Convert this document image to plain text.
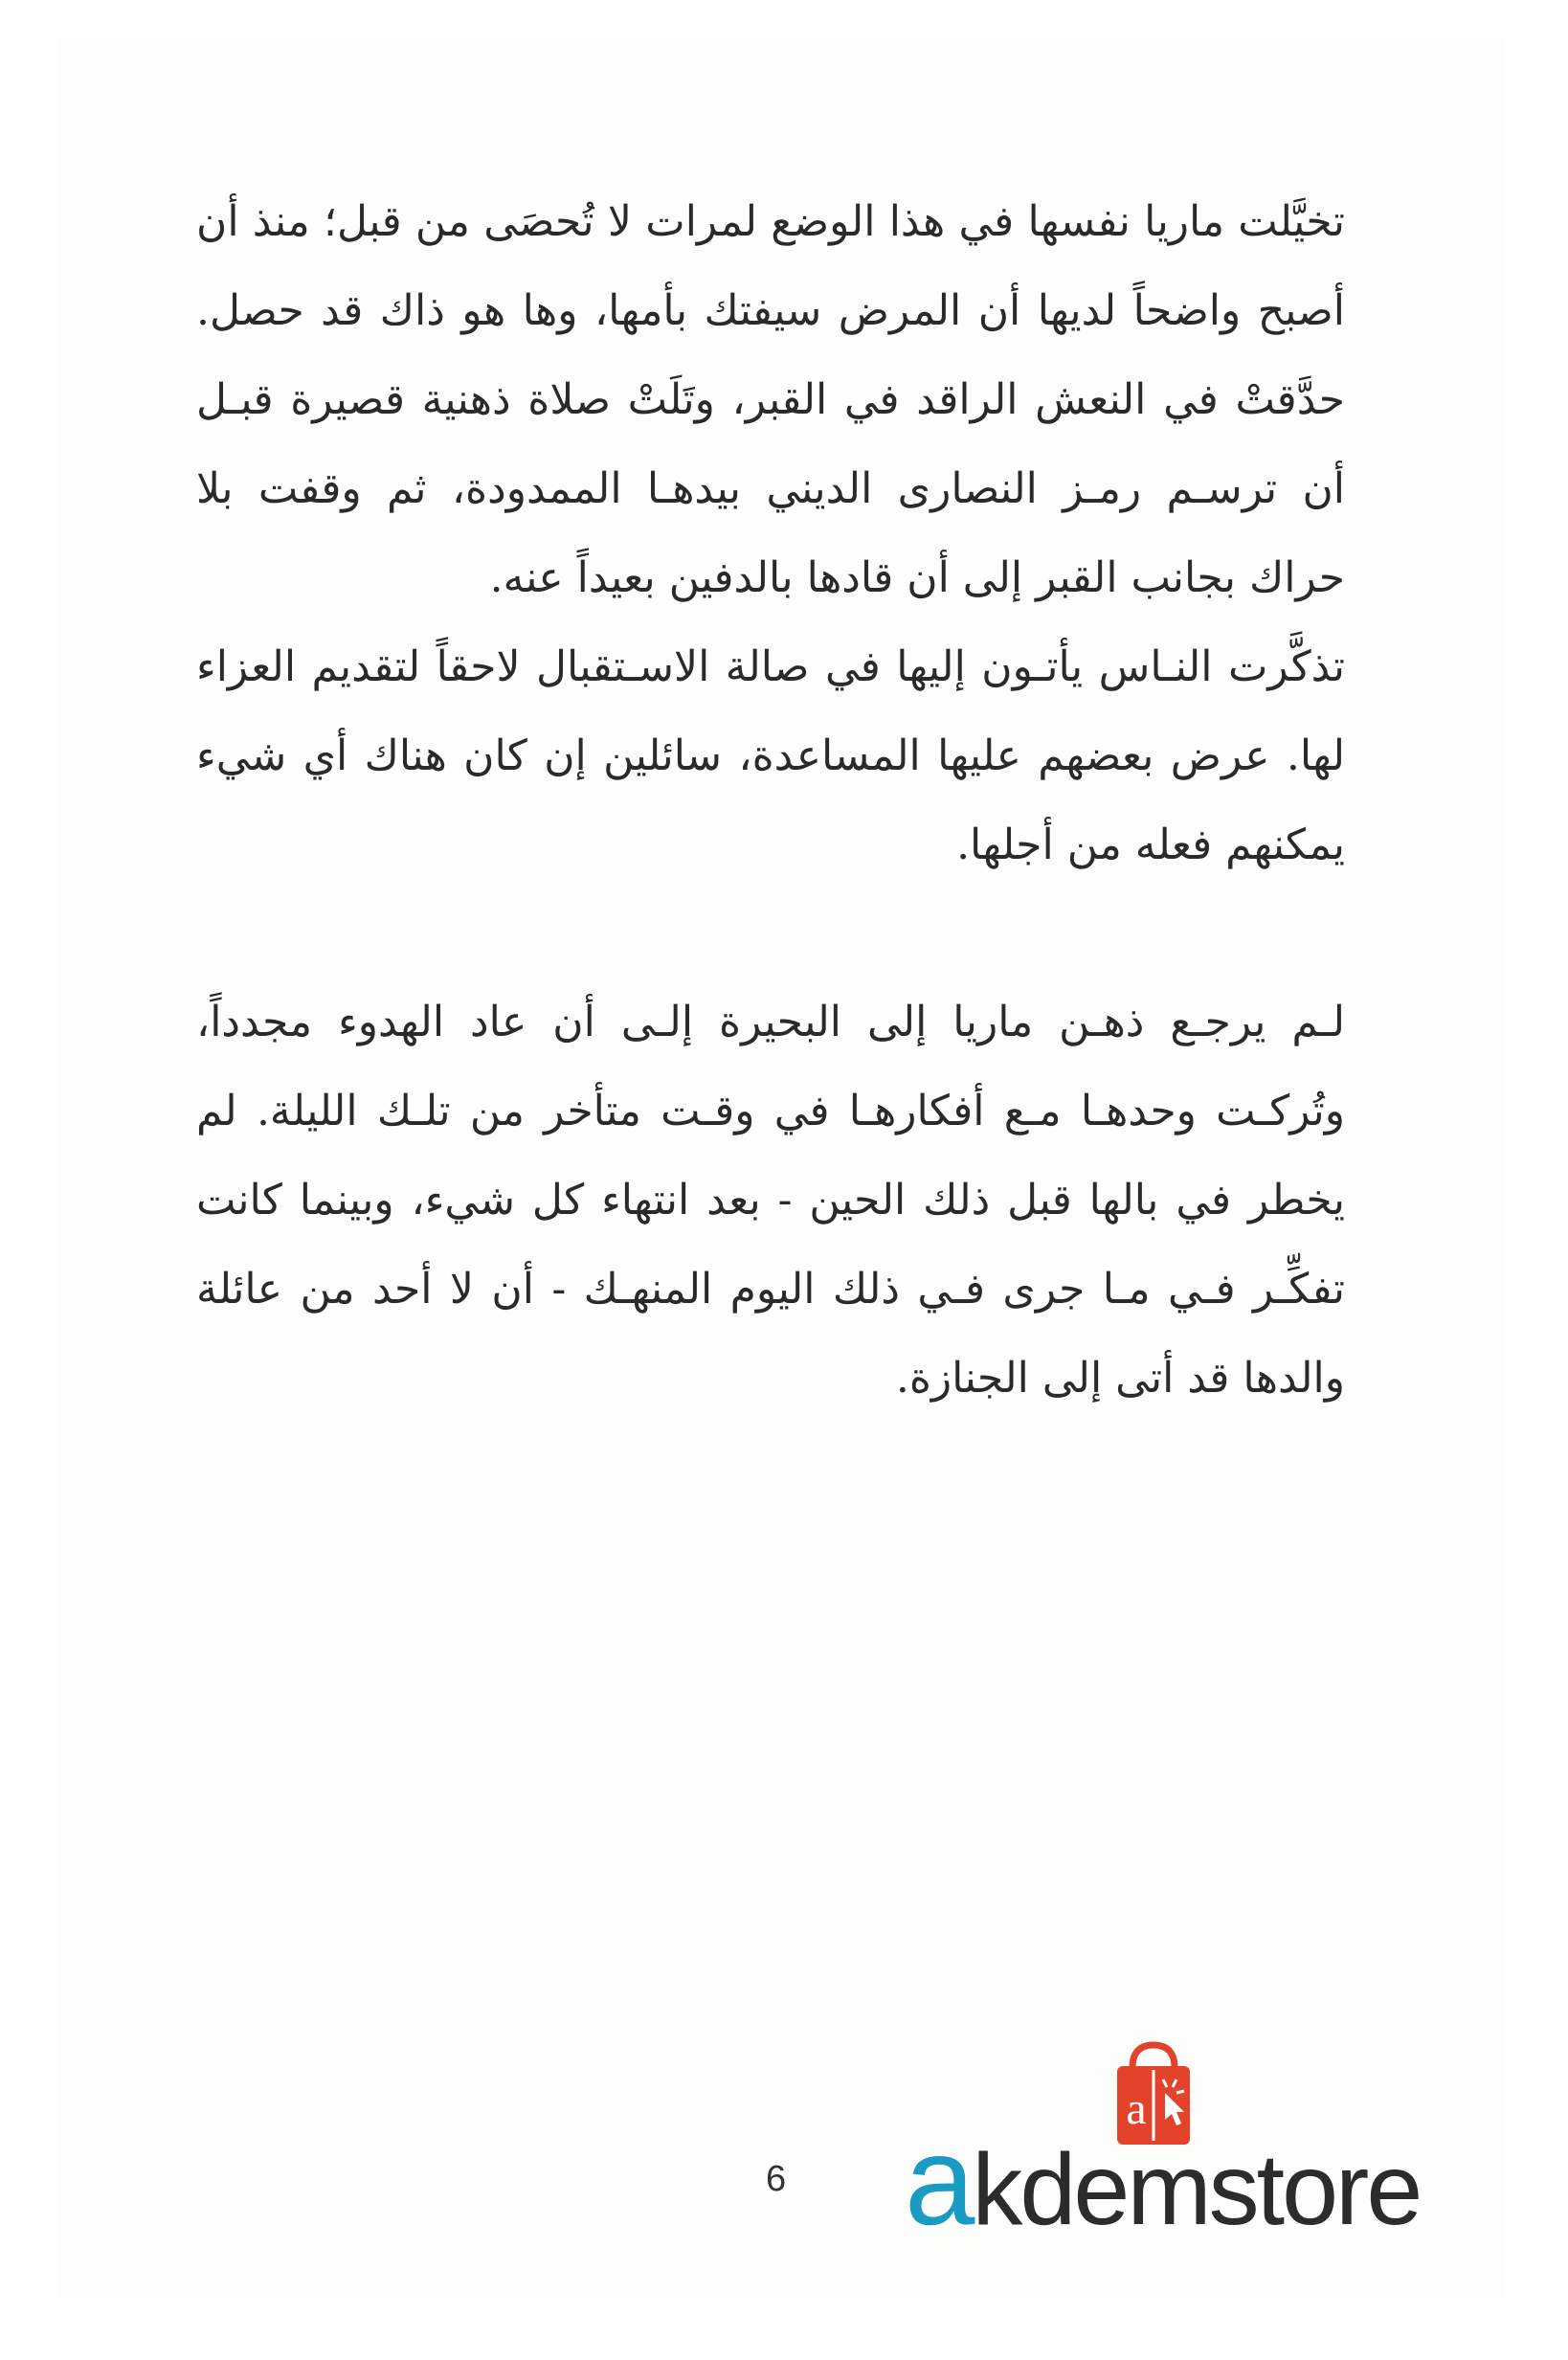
تخيَّلت ماريا نفسها في هذا الوضع لمرات لا تُحصَى من قبل؛ منذ أن أصبح واضحاً لديها أن المرض سيفتك بأمها، وها هو ذاك قد حصل. حدَّقتْ في النعش الراقد في القبر، وتَلَتْ صلاة ذهنية قصيرة قبـل أن ترسـم رمـز النصارى الديني بيدهـا الممدودة، ثم وقفت بلا حراك بجانب القبر إلى أن قادها بالدفين بعيداً عنه.

تذكَّرت النـاس يأتـون إليها في صالة الاسـتقبال لاحقاً لتقديم العزاء لها. عرض بعضهم عليها المساعدة، سائلين إن كان هناك أي شيء يمكنهم فعله من أجلها.

لـم يرجـع ذهـن ماريا إلى البحيرة إلـى أن عاد الهدوء مجدداً، وتُركـت وحدهـا مـع أفكارهـا في وقـت متأخر من تلـك الليلة. لم يخطر في بالها قبل ذلك الحين - بعد انتهاء كل شيء، وبينما كانت تفكِّـر فـي مـا جرى فـي ذلك اليوم المنهـك - أن لا أحد من عائلة والدها قد أتى إلى الجنازة.

6
a
akdemstore
